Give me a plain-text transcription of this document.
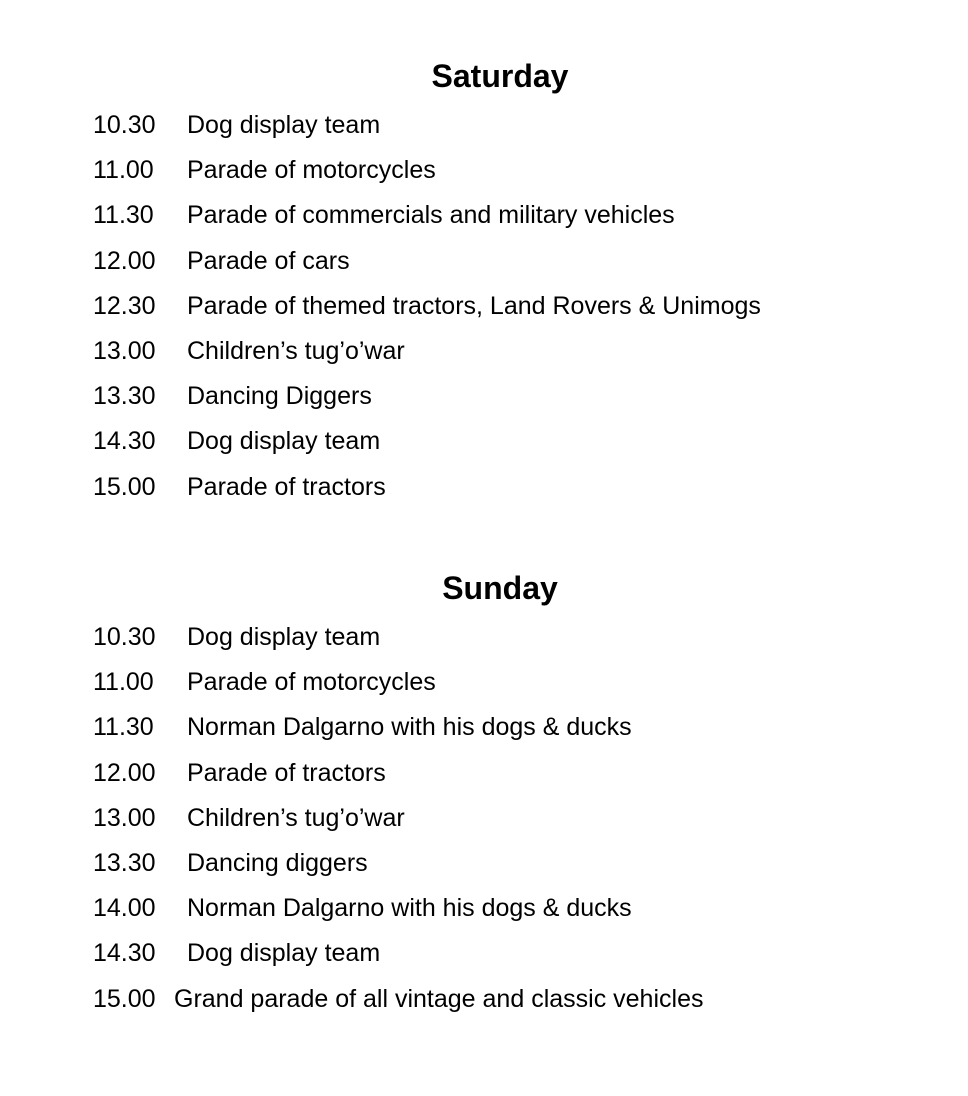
Saturday
10.30	Dog display team
11.00	Parade of motorcycles
11.30	Parade of commercials and military vehicles
12.00	Parade of cars
12.30	Parade of themed tractors, Land Rovers & Unimogs
13.00	Children’s tug’o’war
13.30	Dancing Diggers
14.30	Dog display team
15.00	Parade of tractors
Sunday
10.30	Dog display team
11.00	Parade of motorcycles
11.30	Norman Dalgarno with his dogs & ducks
12.00	Parade of tractors
13.00	Children’s tug’o’war
13.30	Dancing diggers
14.00	Norman Dalgarno with his dogs & ducks
14.30	Dog display team
15.00 Grand parade of all vintage and classic vehicles
